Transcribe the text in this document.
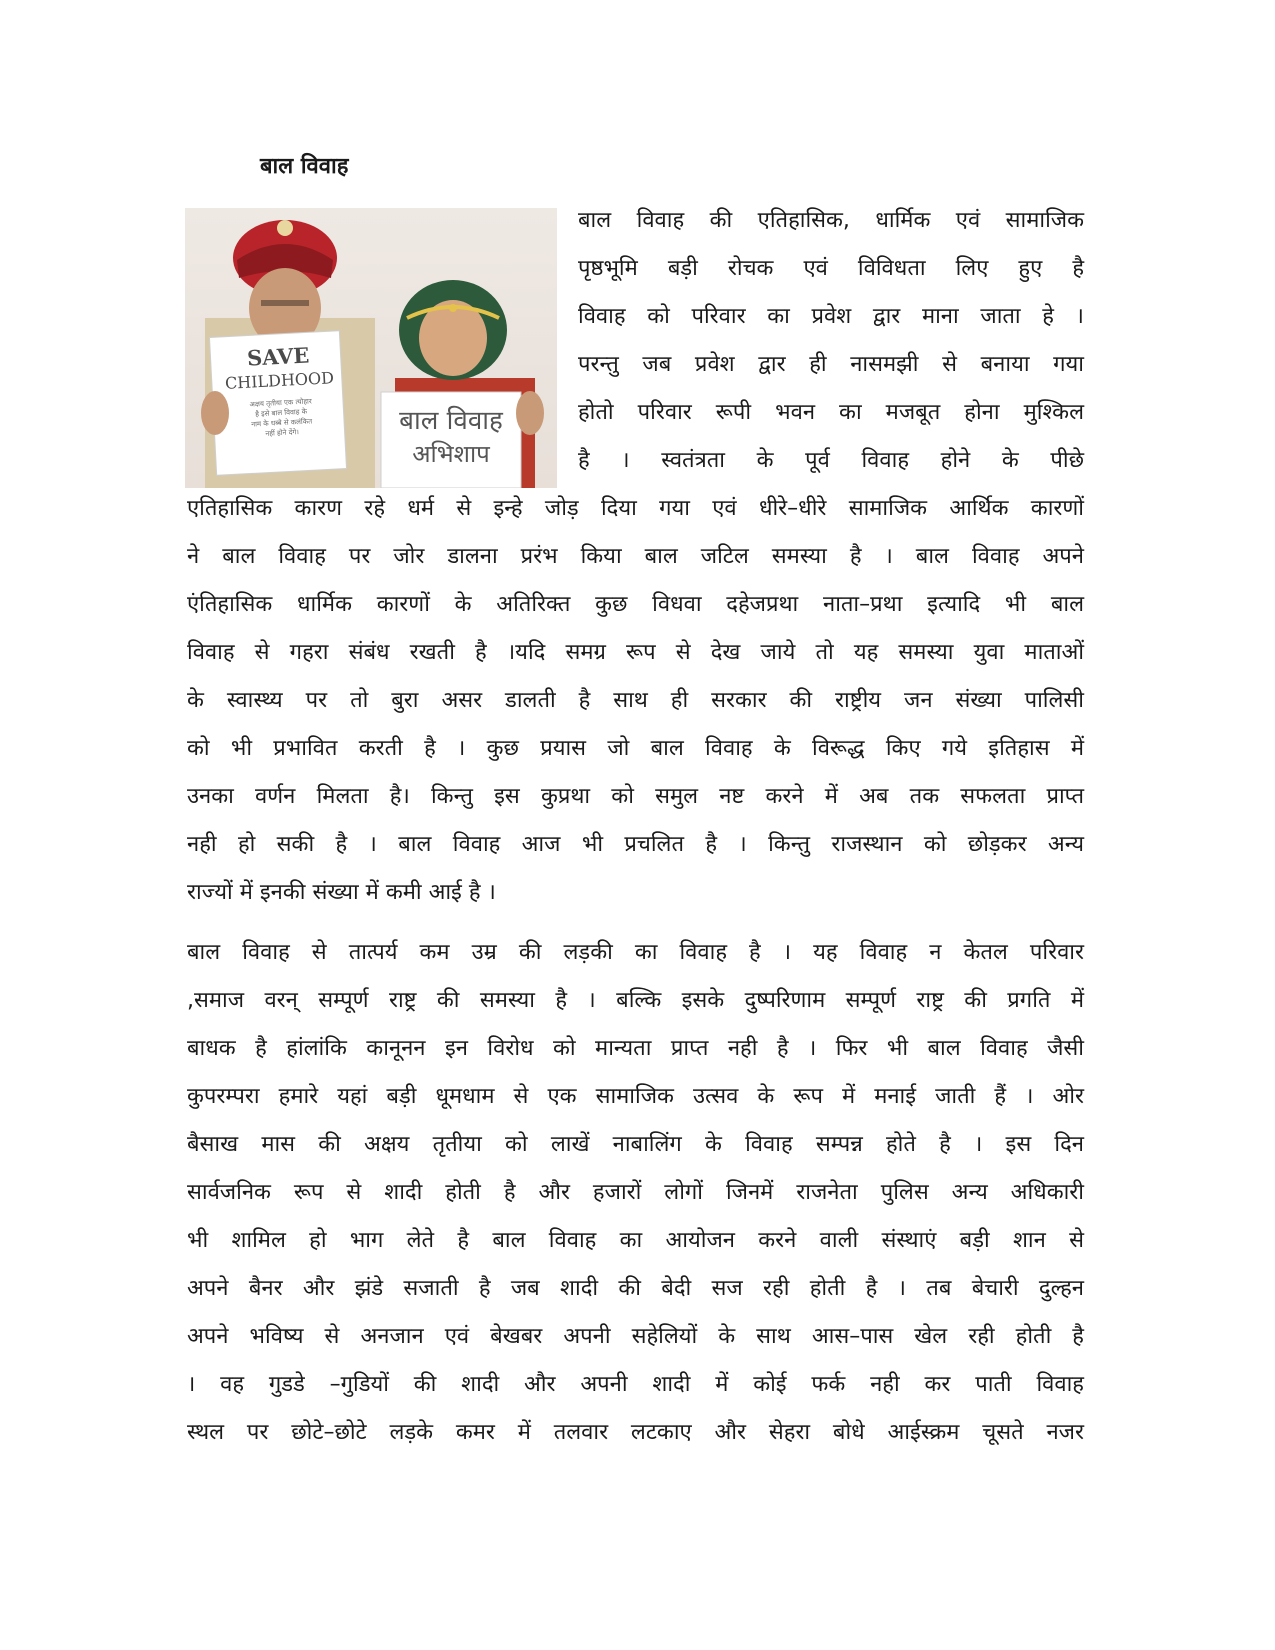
बाल विवाह
SAVE
CHILDHOOD
अक्षय तृतीया एक त्योहार
है इसे बाल विवाह के
नाम के धब्बे से कलंकित
नहीं होने देंगे।	बाल विवाह
अभिशाप
बाल विवाह की एतिहासिक, धार्मिक एवं सामाजिक
पृष्ठभूमि बड़ी रोचक एवं विविधता लिए हुए है
विवाह को परिवार का प्रवेश द्वार माना जाता हे ।
परन्तु जब प्रवेश द्वार ही नासमझी से बनाया गया
होतो परिवार रूपी भवन का मजबूत होना मुश्किल
है । स्वतंत्रता के पूर्व विवाह होने के पीछे
एतिहासिक कारण रहे धर्म से इन्हे जोड़ दिया गया एवं धीरे–धीरे सामाजिक आर्थिक कारणों
ने बाल विवाह पर जोर डालना प्ररंभ किया बाल जटिल समस्या है । बाल विवाह अपने
एंतिहासिक धार्मिक कारणों के अतिरिक्त कुछ विधवा दहेजप्रथा नाता–प्रथा इत्यादि भी बाल
विवाह से गहरा संबंध रखती है ।यदि समग्र रूप से देख जाये तो यह समस्या युवा माताओं
के स्वास्थ्य पर तो बुरा असर डालती है साथ ही सरकार की राष्ट्रीय जन संख्या पालिसी
को भी प्रभावित करती है । कुछ प्रयास जो बाल विवाह के विरूद्ध किए गये इतिहास में
उनका वर्णन मिलता है। किन्तु इस कुप्रथा को समुल नष्ट करने में अब तक सफलता प्राप्त
नही हो सकी है । बाल विवाह आज भी प्रचलित है । किन्तु राजस्थान को छोड़कर अन्य
राज्यों में इनकी संख्या में कमी आई है ।
बाल विवाह से तात्पर्य कम उम्र की लड़की का विवाह है । यह विवाह न केतल परिवार
,समाज वरन् सम्पूर्ण राष्ट्र की समस्या है । बल्कि इसके दुष्परिणाम सम्पूर्ण राष्ट्र की प्रगति में
बाधक है हांलांकि कानूनन इन विरोध को मान्यता प्राप्त नही है । फिर भी बाल विवाह जैसी
कुपरम्परा हमारे यहां बड़ी धूमधाम से एक सामाजिक उत्सव के रूप में मनाई जाती हैं । ओर
बैसाख मास की अक्षय तृतीया को लाखें नाबालिंग के विवाह सम्पन्न होते है । इस दिन
सार्वजनिक रूप से शादी होती है और हजारों लोगों जिनमें राजनेता पुलिस अन्य अधिकारी
भी शामिल हो भाग लेते है बाल विवाह का आयोजन करने वाली संस्थाएं बड़ी शान से
अपने बैनर और झंडे सजाती है जब शादी की बेदी सज रही होती है । तब बेचारी दुल्हन
अपने भविष्य से अनजान एवं बेखबर अपनी सहेलियों के साथ आस–पास खेल रही होती है
। वह गुडडे –गुडियों की शादी और अपनी शादी में कोई फर्क नही कर पाती विवाह
स्थल पर छोटे–छोटे लड़के कमर में तलवार लटकाए और सेहरा बोधे आईस्क्रम चूसते नजर
